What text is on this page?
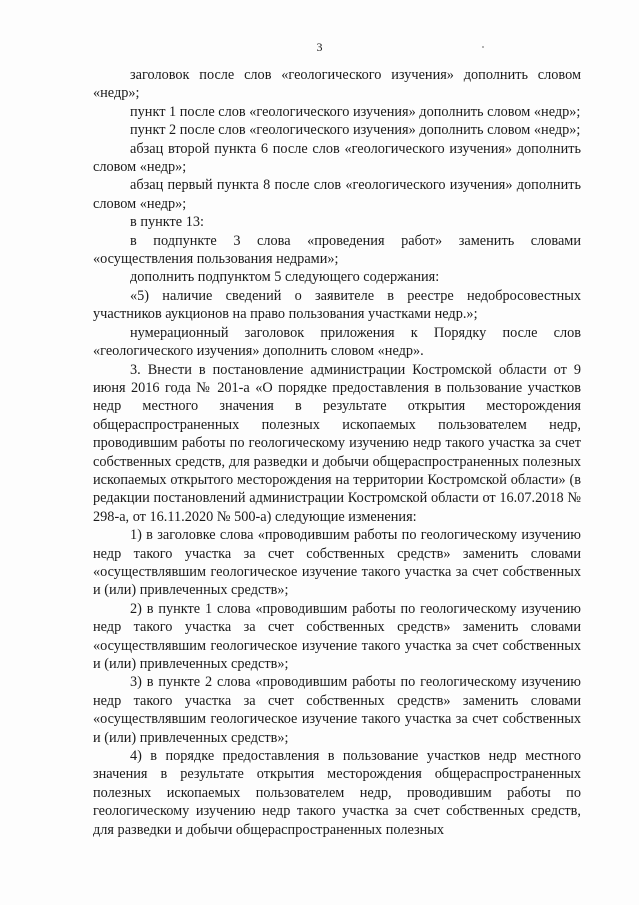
3

заголовок после слов «геологического изучения» дополнить словом «недр»;

пункт 1 после слов «геологического изучения» дополнить словом «недр»;

пункт 2 после слов «геологического изучения» дополнить словом «недр»;

абзац второй пункта 6 после слов «геологического изучения» дополнить словом «недр»;

абзац первый пункта 8 после слов «геологического изучения» дополнить словом «недр»;

в пункте 13:

в подпункте 3 слова «проведения работ» заменить словами «осуществления пользования недрами»;

дополнить подпунктом 5 следующего содержания:

«5) наличие сведений о заявителе в реестре недобросовестных участников аукционов на право пользования участками недр.»;

нумерационный заголовок приложения к Порядку после слов «геологического изучения» дополнить словом «недр».

3. Внести в постановление администрации Костромской области от 9 июня 2016 года № 201-а «О порядке предоставления в пользование участков недр местного значения в результате открытия месторождения общераспространенных полезных ископаемых пользователем недр, проводившим работы по геологическому изучению недр такого участка за счет собственных средств, для разведки и добычи общераспространенных полезных ископаемых открытого месторождения на территории Костромской области» (в редакции постановлений администрации Костромской области от 16.07.2018 № 298-а, от 16.11.2020 № 500-а) следующие изменения:

1) в заголовке слова «проводившим работы по геологическому изучению недр такого участка за счет собственных средств» заменить словами «осуществлявшим геологическое изучение такого участка за счет собственных и (или) привлеченных средств»;

2) в пункте 1 слова «проводившим работы по геологическому изучению недр такого участка за счет собственных средств» заменить словами «осуществлявшим геологическое изучение такого участка за счет собственных и (или) привлеченных средств»;

3) в пункте 2 слова «проводившим работы по геологическому изучению недр такого участка за счет собственных средств» заменить словами «осуществлявшим геологическое изучение такого участка за счет собственных и (или) привлеченных средств»;

4) в порядке предоставления в пользование участков недр местного значения в результате открытия месторождения общераспространенных полезных ископаемых пользователем недр, проводившим работы по геологическому изучению недр такого участка за счет собственных средств, для разведки и добычи общераспространенных полезных
